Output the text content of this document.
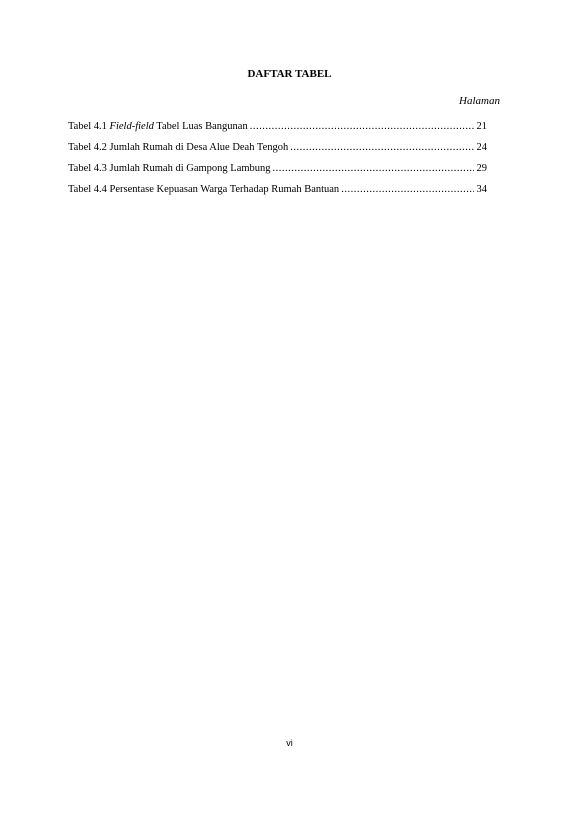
DAFTAR TABEL
Halaman
Tabel 4.1 Field-field Tabel Luas Bangunan .....	21
Tabel 4.2 Jumlah Rumah di Desa Alue Deah Tengoh .....	24
Tabel 4.3 Jumlah Rumah di Gampong Lambung .....	29
Tabel 4.4 Persentase Kepuasan Warga Terhadap Rumah Bantuan .....	34
vi
